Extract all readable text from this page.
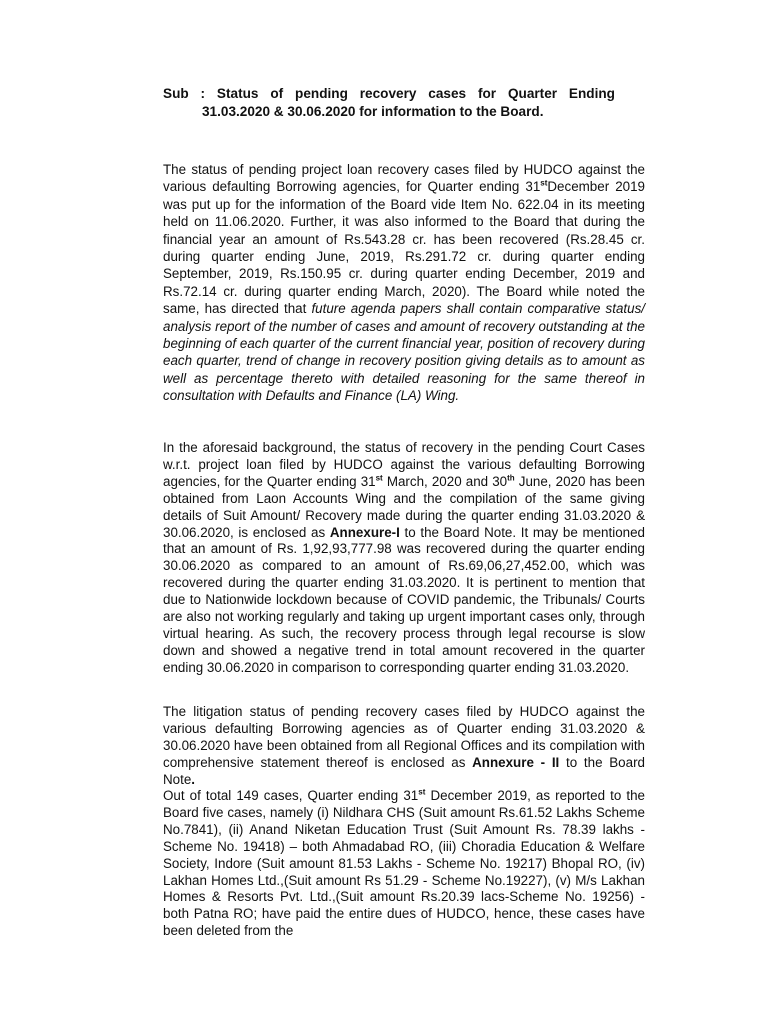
Sub : Status of pending recovery cases for Quarter Ending
31.03.2020 & 30.06.2020 for information to the Board.

The status of pending project loan recovery cases filed by HUDCO against the various defaulting Borrowing agencies, for Quarter ending 31stDecember 2019 was put up for the information of the Board vide Item No. 622.04 in its meeting held on 11.06.2020. Further, it was also informed to the Board that during the financial year an amount of Rs.543.28 cr. has been recovered (Rs.28.45 cr. during quarter ending June, 2019, Rs.291.72 cr. during quarter ending September, 2019, Rs.150.95 cr. during quarter ending December, 2019 and Rs.72.14 cr. during quarter ending March, 2020). The Board while noted the same, has directed that future agenda papers shall contain comparative status/ analysis report of the number of cases and amount of recovery outstanding at the beginning of each quarter of the current financial year, position of recovery during each quarter, trend of change in recovery position giving details as to amount as well as percentage thereto with detailed reasoning for the same thereof in consultation with Defaults and Finance (LA) Wing.

In the aforesaid background, the status of recovery in the pending Court Cases w.r.t. project loan filed by HUDCO against the various defaulting Borrowing agencies, for the Quarter ending 31st March, 2020 and 30th June, 2020 has been obtained from Laon Accounts Wing and the compilation of the same giving details of Suit Amount/ Recovery made during the quarter ending 31.03.2020 & 30.06.2020, is enclosed as Annexure-I to the Board Note. It may be mentioned that an amount of Rs. 1,92,93,777.98 was recovered during the quarter ending 30.06.2020 as compared to an amount of Rs.69,06,27,452.00, which was recovered during the quarter ending 31.03.2020. It is pertinent to mention that due to Nationwide lockdown because of COVID pandemic, the Tribunals/ Courts are also not working regularly and taking up urgent important cases only, through virtual hearing. As such, the recovery process through legal recourse is slow down and showed a negative trend in total amount recovered in the quarter ending 30.06.2020 in comparison to corresponding quarter ending 31.03.2020.

The litigation status of pending recovery cases filed by HUDCO against the various defaulting Borrowing agencies as of Quarter ending 31.03.2020 & 30.06.2020 have been obtained from all Regional Offices and its compilation with comprehensive statement thereof is enclosed as Annexure - II to the Board Note.

Out of total 149 cases, Quarter ending 31st December 2019, as reported to the Board five cases, namely (i) Nildhara CHS (Suit amount Rs.61.52 Lakhs Scheme No.7841), (ii) Anand Niketan Education Trust (Suit Amount Rs. 78.39 lakhs -Scheme No. 19418) – both Ahmadabad RO, (iii) Choradia Education & Welfare Society, Indore (Suit amount 81.53 Lakhs - Scheme No. 19217) Bhopal RO, (iv) Lakhan Homes Ltd.,(Suit amount Rs 51.29 - Scheme No.19227), (v) M/s Lakhan Homes & Resorts Pvt. Ltd.,(Suit amount Rs.20.39 lacs-Scheme No. 19256) - both Patna RO; have paid the entire dues of HUDCO, hence, these cases have been deleted from the
